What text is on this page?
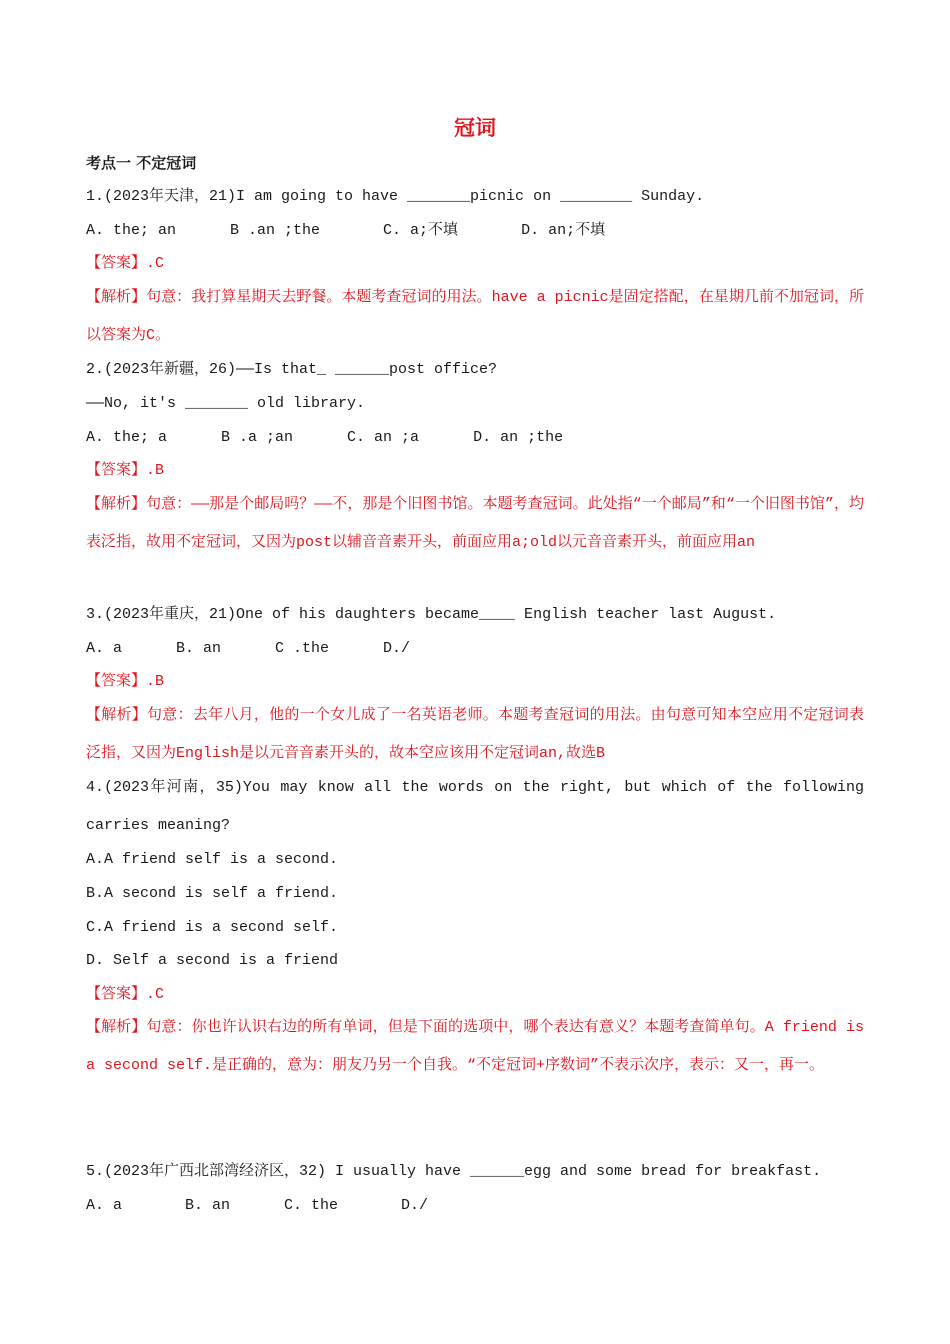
冠词
考点一 不定冠词
1.(2023年天津，21)I am going to have _______picnic on ________ Sunday.
A. the; an      B .an ;the       C. a;不填       D. an;不填
【答案】.C
【解析】句意：我打算星期天去野餐。本题考查冠词的用法。have a picnic是固定搭配，在星期几前不加冠词，所以答案为C。
2.(2023年新疆，26)——Is that_ ______post office?
——No, it's _______ old library.
A. the; a      B .a ;an      C. an ;a      D. an ;the
【答案】.B
【解析】句意：——那是个邮局吗？——不，那是个旧图书馆。本题考查冠词。此处指“一个邮局”和“一个旧图书馆”，均表泛指，故用不定冠词，又因为post以辅音音素开头，前面应用a;old以元音音素开头，前面应用an
3.(2023年重庆，21)One of his daughters became____ English teacher last August.
A. a      B. an      C .the      D./
【答案】.B
【解析】句意：去年八月，他的一个女儿成了一名英语老师。本题考查冠词的用法。由句意可知本空应用不定冠词表泛指，又因为English是以元音音素开头的，故本空应该用不定冠词an,故选B
4.(2023年河南，35)You may know all the words on the right, but which of the following carries meaning?
A.A friend self is a second.
B.A second is self a friend.
C.A friend is a second self.
D. Self a second is a friend
【答案】.C
【解析】句意：你也许认识右边的所有单词，但是下面的选项中，哪个表达有意义？本题考查简单句。A friend is a second self.是正确的，意为：朋友乃另一个自我。“不定冠词+序数词”不表示次序，表示：又一，再一。
5.(2023年广西北部湾经济区，32) I usually have ______egg and some bread for breakfast.
A. a       B. an      C. the       D./
